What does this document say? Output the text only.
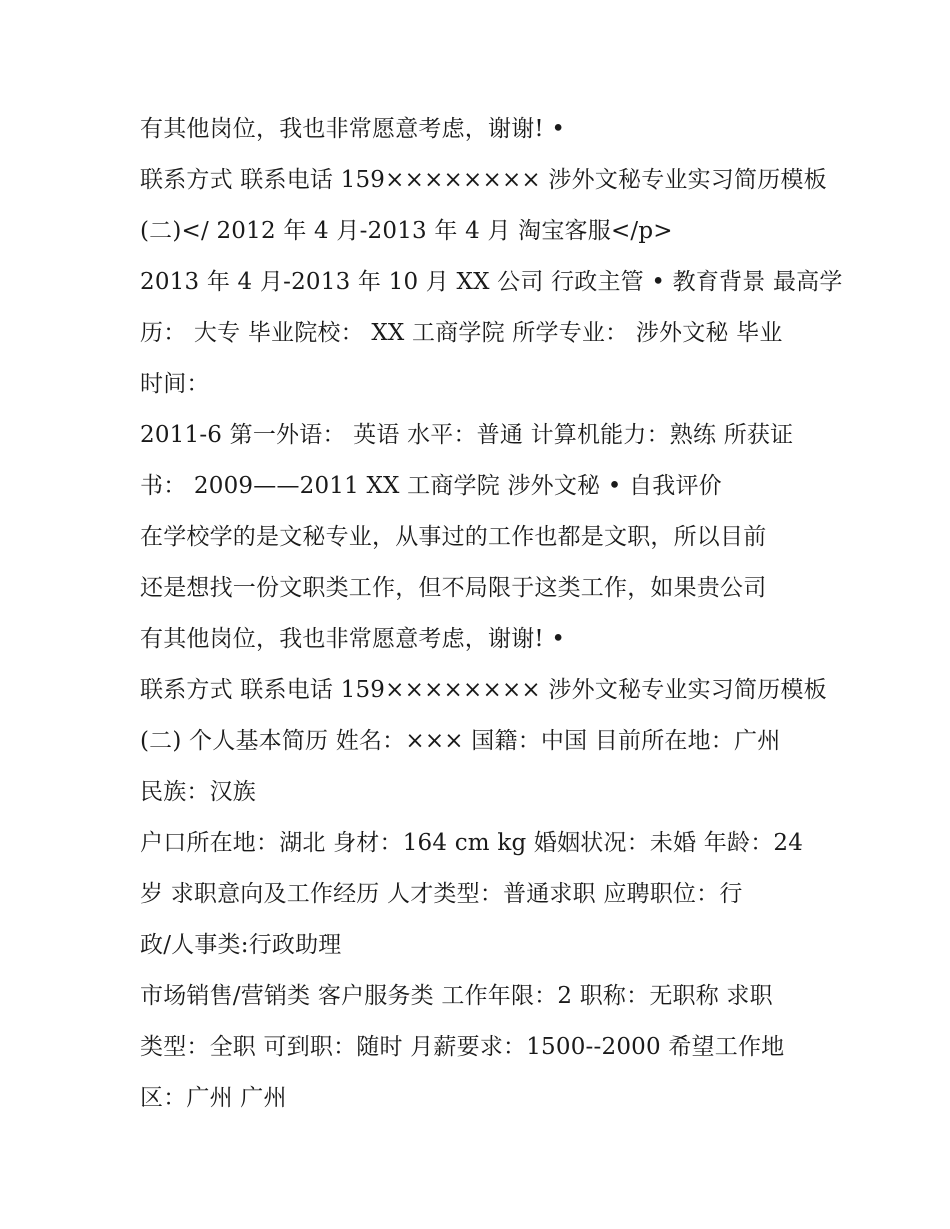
有其他岗位，我也非常愿意考虑，谢谢! •
联系方式 联系电话 159×××××××× 涉外文秘专业实习简历模板
(二)</ 2012 年 4 月-2013 年 4 月 淘宝客服</p>
2013 年 4 月-2013 年 10 月 XX 公司 行政主管 • 教育背景 最高学
历： 大专 毕业院校： XX 工商学院 所学专业： 涉外文秘 毕业
时间：
2011-6 第一外语： 英语 水平：普通 计算机能力：熟练 所获证
书： 2009——2011 XX 工商学院 涉外文秘 • 自我评价
在学校学的是文秘专业，从事过的工作也都是文职，所以目前
还是想找一份文职类工作，但不局限于这类工作，如果贵公司
有其他岗位，我也非常愿意考虑，谢谢! •
联系方式 联系电话 159×××××××× 涉外文秘专业实习简历模板
(二) 个人基本简历 姓名：××× 国籍：中国 目前所在地：广州
民族：汉族
户口所在地：湖北 身材：164 cm kg 婚姻状况：未婚 年龄：24
岁 求职意向及工作经历 人才类型：普通求职 应聘职位：行
政/人事类:行政助理
市场销售/营销类 客户服务类 工作年限：2 职称：无职称 求职
类型：全职 可到职：随时 月薪要求：1500--2000 希望工作地
区：广州 广州
